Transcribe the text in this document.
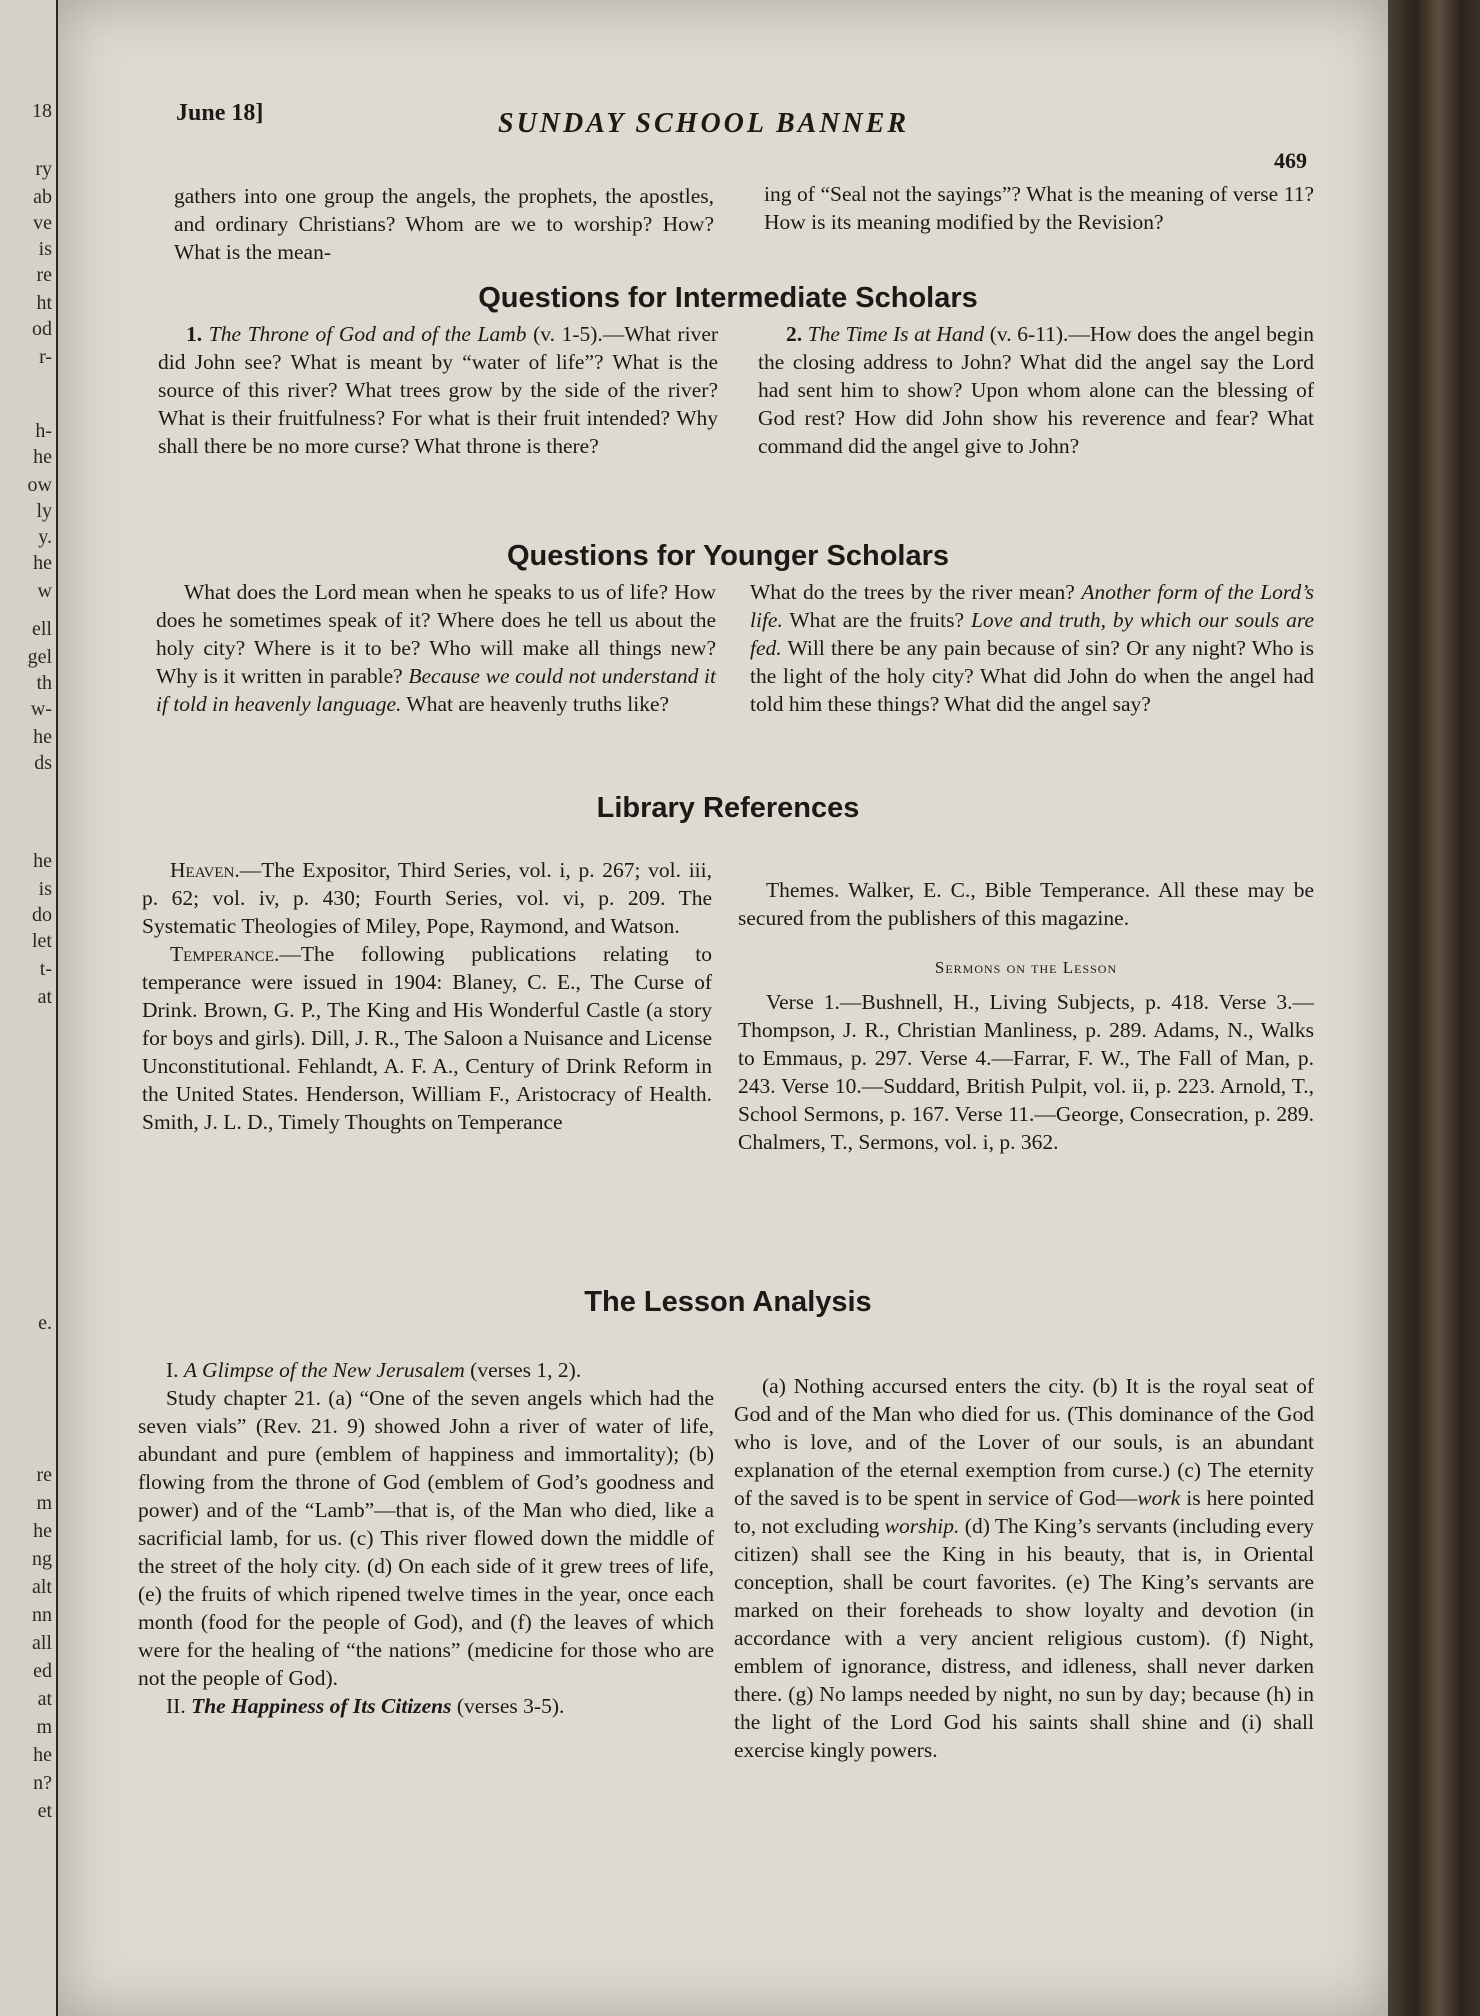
18
ry
ab
ve
is
re
ht
od
r-
h-
he
ow
ly
y.
he
w
ell
gel
th
w-
he
ds
he
is
do
let
t-
at
e.
re
m
he
ng
alt
nn
all
ed
at
m
he
n?
et
June 18]	SUNDAY SCHOOL BANNER
469

gathers into one group the angels, the prophets, the apostles, and ordinary Christians? Whom are we to worship? How? What is the mean-

ing of “Seal not the sayings”? What is the meaning of verse 11? How is its meaning modified by the Revision?

Questions for Intermediate Scholars

1. The Throne of God and of the Lamb (v. 1-5).—What river did John see? What is meant by “water of life”? What is the source of this river? What trees grow by the side of the river? What is their fruitfulness? For what is their fruit intended? Why shall there be no more curse? What throne is there?

2. The Time Is at Hand (v. 6-11).—How does the angel begin the closing address to John? What did the angel say the Lord had sent him to show? Upon whom alone can the blessing of God rest? How did John show his reverence and fear? What command did the angel give to John?

Questions for Younger Scholars

What does the Lord mean when he speaks to us of life? How does he sometimes speak of it? Where does he tell us about the holy city? Where is it to be? Who will make all things new? Why is it written in parable? Because we could not understand it if told in heavenly language. What are heavenly truths like?

What do the trees by the river mean? Another form of the Lord’s life. What are the fruits? Love and truth, by which our souls are fed. Will there be any pain because of sin? Or any night? Who is the light of the holy city? What did John do when the angel had told him these things? What did the angel say?

Library References

Heaven.—The Expositor, Third Series, vol. i, p. 267; vol. iii, p. 62; vol. iv, p. 430; Fourth Series, vol. vi, p. 209. The Systematic Theologies of Miley, Pope, Raymond, and Watson.

Temperance.—The following publications relating to temperance were issued in 1904: Blaney, C. E., The Curse of Drink. Brown, G. P., The King and His Wonderful Castle (a story for boys and girls). Dill, J. R., The Saloon a Nuisance and License Unconstitutional. Fehlandt, A. F. A., Century of Drink Reform in the United States. Henderson, William F., Aristocracy of Health. Smith, J. L. D., Timely Thoughts on Temperance

Themes. Walker, E. C., Bible Temperance. All these may be secured from the publishers of this magazine.

Sermons on the Lesson

Verse 1.—Bushnell, H., Living Subjects, p. 418. Verse 3.—Thompson, J. R., Christian Manliness, p. 289. Adams, N., Walks to Emmaus, p. 297. Verse 4.—Farrar, F. W., The Fall of Man, p. 243. Verse 10.—Suddard, British Pulpit, vol. ii, p. 223. Arnold, T., School Sermons, p. 167. Verse 11.—George, Consecration, p. 289. Chalmers, T., Sermons, vol. i, p. 362.

The Lesson Analysis

I. A Glimpse of the New Jerusalem (verses 1, 2).

Study chapter 21. (a) “One of the seven angels which had the seven vials” (Rev. 21. 9) showed John a river of water of life, abundant and pure (emblem of happiness and immortality); (b) flowing from the throne of God (emblem of God’s goodness and power) and of the “Lamb”—that is, of the Man who died, like a sacrificial lamb, for us. (c) This river flowed down the middle of the street of the holy city. (d) On each side of it grew trees of life, (e) the fruits of which ripened twelve times in the year, once each month (food for the people of God), and (f) the leaves of which were for the healing of “the nations” (medicine for those who are not the people of God).

II. The Happiness of Its Citizens (verses 3-5).

(a) Nothing accursed enters the city. (b) It is the royal seat of God and of the Man who died for us. (This dominance of the God who is love, and of the Lover of our souls, is an abundant explanation of the eternal exemption from curse.) (c) The eternity of the saved is to be spent in service of God—work is here pointed to, not excluding worship. (d) The King’s servants (including every citizen) shall see the King in his beauty, that is, in Oriental conception, shall be court favorites. (e) The King’s servants are marked on their foreheads to show loyalty and devotion (in accordance with a very ancient religious custom). (f) Night, emblem of ignorance, distress, and idleness, shall never darken there. (g) No lamps needed by night, no sun by day; because (h) in the light of the Lord God his saints shall shine and (i) shall exercise kingly powers.
